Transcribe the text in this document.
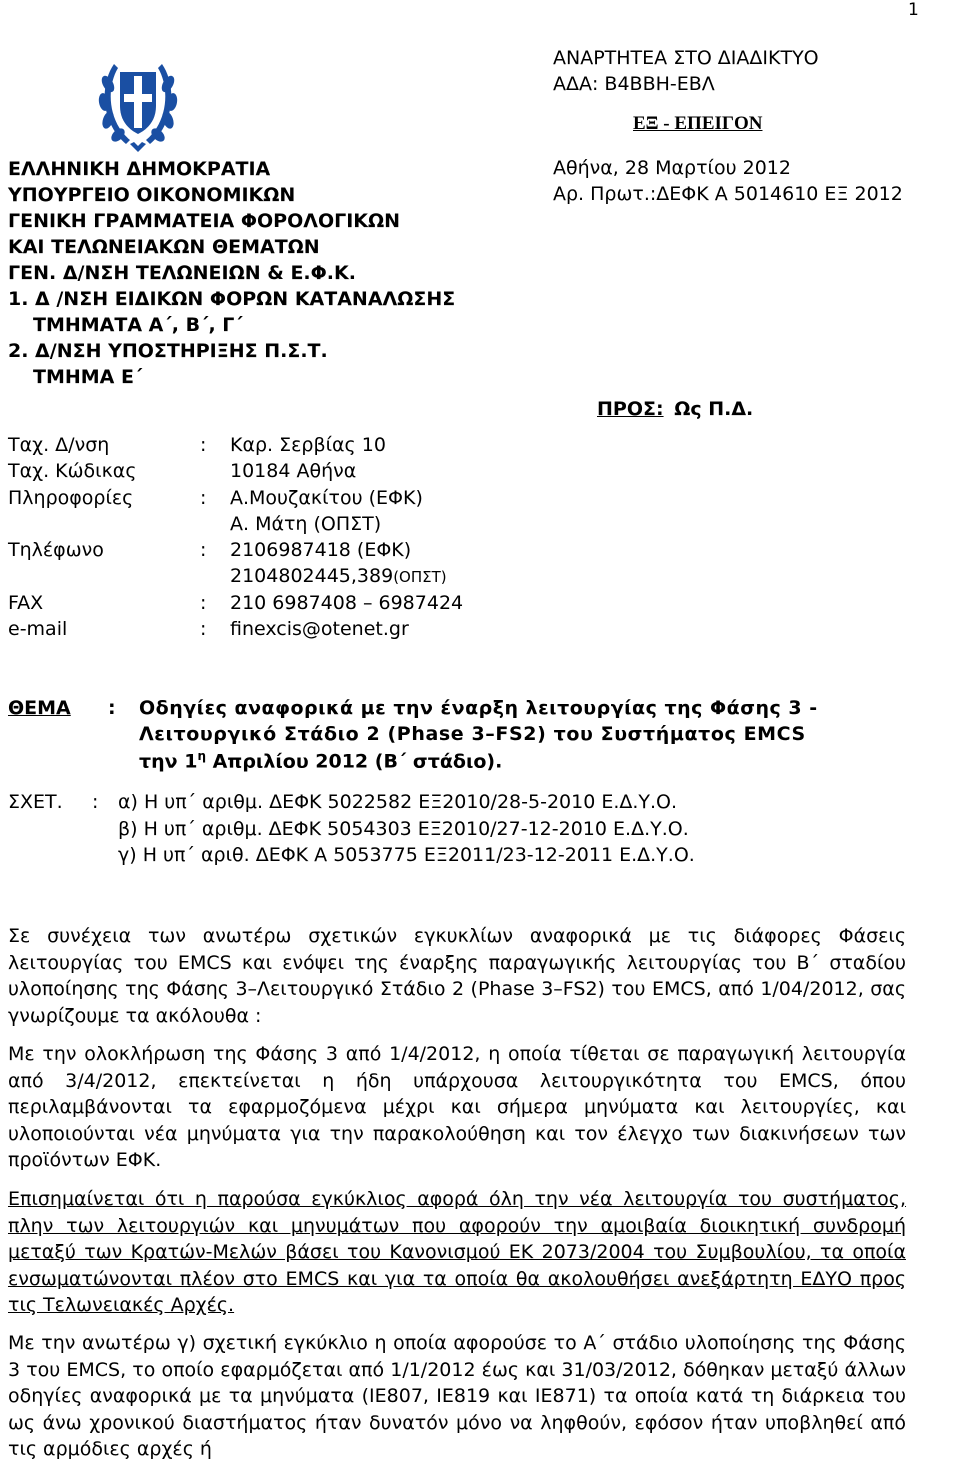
1
ΑΝΑΡΤΗΤΕΑ ΣΤΟ ΔΙΑΔΙΚΤΥΟ
ΑΔΑ: Β4ΒΒΗ-ΕΒΛ
ΕΞ - ΕΠΕΙΓΟΝ
Αθήνα, 28 Μαρτίου 2012
Αρ. Πρωτ.:ΔΕΦΚ Α 5014610 ΕΞ 2012
ΕΛΛΗΝΙΚΗ ΔΗΜΟΚΡΑΤΙΑ
ΥΠΟΥΡΓΕΙΟ ΟΙΚΟΝΟΜΙΚΩΝ
ΓΕΝΙΚΗ ΓΡΑΜΜΑΤΕΙΑ ΦΟΡΟΛΟΓΙΚΩΝ
ΚΑΙ ΤΕΛΩΝΕΙΑΚΩΝ ΘΕΜΑΤΩΝ
ΓΕΝ. Δ/ΝΣΗ ΤΕΛΩΝΕΙΩΝ & Ε.Φ.Κ.
1. Δ /ΝΣΗ ΕΙΔΙΚΩΝ ΦΟΡΩΝ ΚΑΤΑΝΑΛΩΣΗΣ
ΤΜΗΜΑΤΑ Α΄, Β΄, Γ΄
2. Δ/ΝΣΗ ΥΠΟΣΤΗΡΙΞΗΣ Π.Σ.Τ.
ΤΜΗΜΑ Ε΄
ΠΡΟΣ: Ως Π.Δ.
Ταχ. Δ/νση	: Καρ. Σερβίας 10
Ταχ. Κώδικας	10184 Αθήνα
Πληροφορίες	: Α.Μουζακίτου (ΕΦΚ)
Α. Μάτη (ΟΠΣΤ)
Τηλέφωνο	: 2106987418 (ΕΦΚ)
2104802445,389(ΟΠΣΤ)
FAX	: 210 6987408 – 6987424
e-mail	: finexcis@otenet.gr
ΘΕΜΑ : Οδηγίες αναφορικά με την έναρξη λειτουργίας της Φάσης 3 -
Λειτουργικό Στάδιο 2 (Phase 3–FS2) του Συστήματος EMCS
την $1^\eta$ Απριλίου 2012 (Β΄ στάδιο).
ΣΧΕΤ. : α) Η υπ΄ αριθμ. ΔΕΦΚ 5022582 ΕΞ2010/28-5-2010 Ε.Δ.Υ.Ο.
β) Η υπ΄ αριθμ. ΔΕΦΚ 5054303 ΕΞ2010/27-12-2010 Ε.Δ.Υ.Ο.
γ) Η υπ΄ αριθ. ΔΕΦΚ Α 5053775 ΕΞ2011/23-12-2011 Ε.Δ.Υ.Ο.
Σε συνέχεια των ανωτέρω σχετικών εγκυκλίων αναφορικά με τις διάφορες Φάσεις λειτουργίας του EMCS και ενόψει της έναρξης παραγωγικής λειτουργίας του Β΄ σταδίου υλοποίησης της Φάσης 3–Λειτουργικό Στάδιο 2 (Phase 3–FS2) του EMCS, από 1/04/2012, σας γνωρίζουμε τα ακόλουθα :
Με την ολοκλήρωση της Φάσης 3 από 1/4/2012, η οποία τίθεται σε παραγωγική λειτουργία από 3/4/2012, επεκτείνεται η ήδη υπάρχουσα λειτουργικότητα του EMCS, όπου περιλαμβάνονται τα εφαρμοζόμενα μέχρι και σήμερα μηνύματα και λειτουργίες, και υλοποιούνται νέα μηνύματα για την παρακολούθηση και τον έλεγχο των διακινήσεων των προϊόντων ΕΦΚ.
Επισημαίνεται ότι η παρούσα εγκύκλιος αφορά όλη την νέα λειτουργία του συστήματος, πλην των λειτουργιών και μηνυμάτων που αφορούν την αμοιβαία διοικητική συνδρομή μεταξύ των Κρατών-Μελών βάσει του Κανονισμού ΕΚ 2073/2004 του Συμβουλίου, τα οποία ενσωματώνονται πλέον στο EMCS και για τα οποία θα ακολουθήσει ανεξάρτητη ΕΔΥΟ προς τις Τελωνειακές Αρχές.
Με την ανωτέρω γ) σχετική εγκύκλιο η οποία αφορούσε το Α΄ στάδιο υλοποίησης της Φάσης 3 του EMCS, το οποίο εφαρμόζεται από 1/1/2012 έως και 31/03/2012, δόθηκαν μεταξύ άλλων οδηγίες αναφορικά με τα μηνύματα (IE807, IE819 και IE871) τα οποία κατά τη διάρκεια του ως άνω χρονικού διαστήματος ήταν δυνατόν μόνο να ληφθούν, εφόσον ήταν υποβληθεί από τις αρμόδιες αρχές ή
